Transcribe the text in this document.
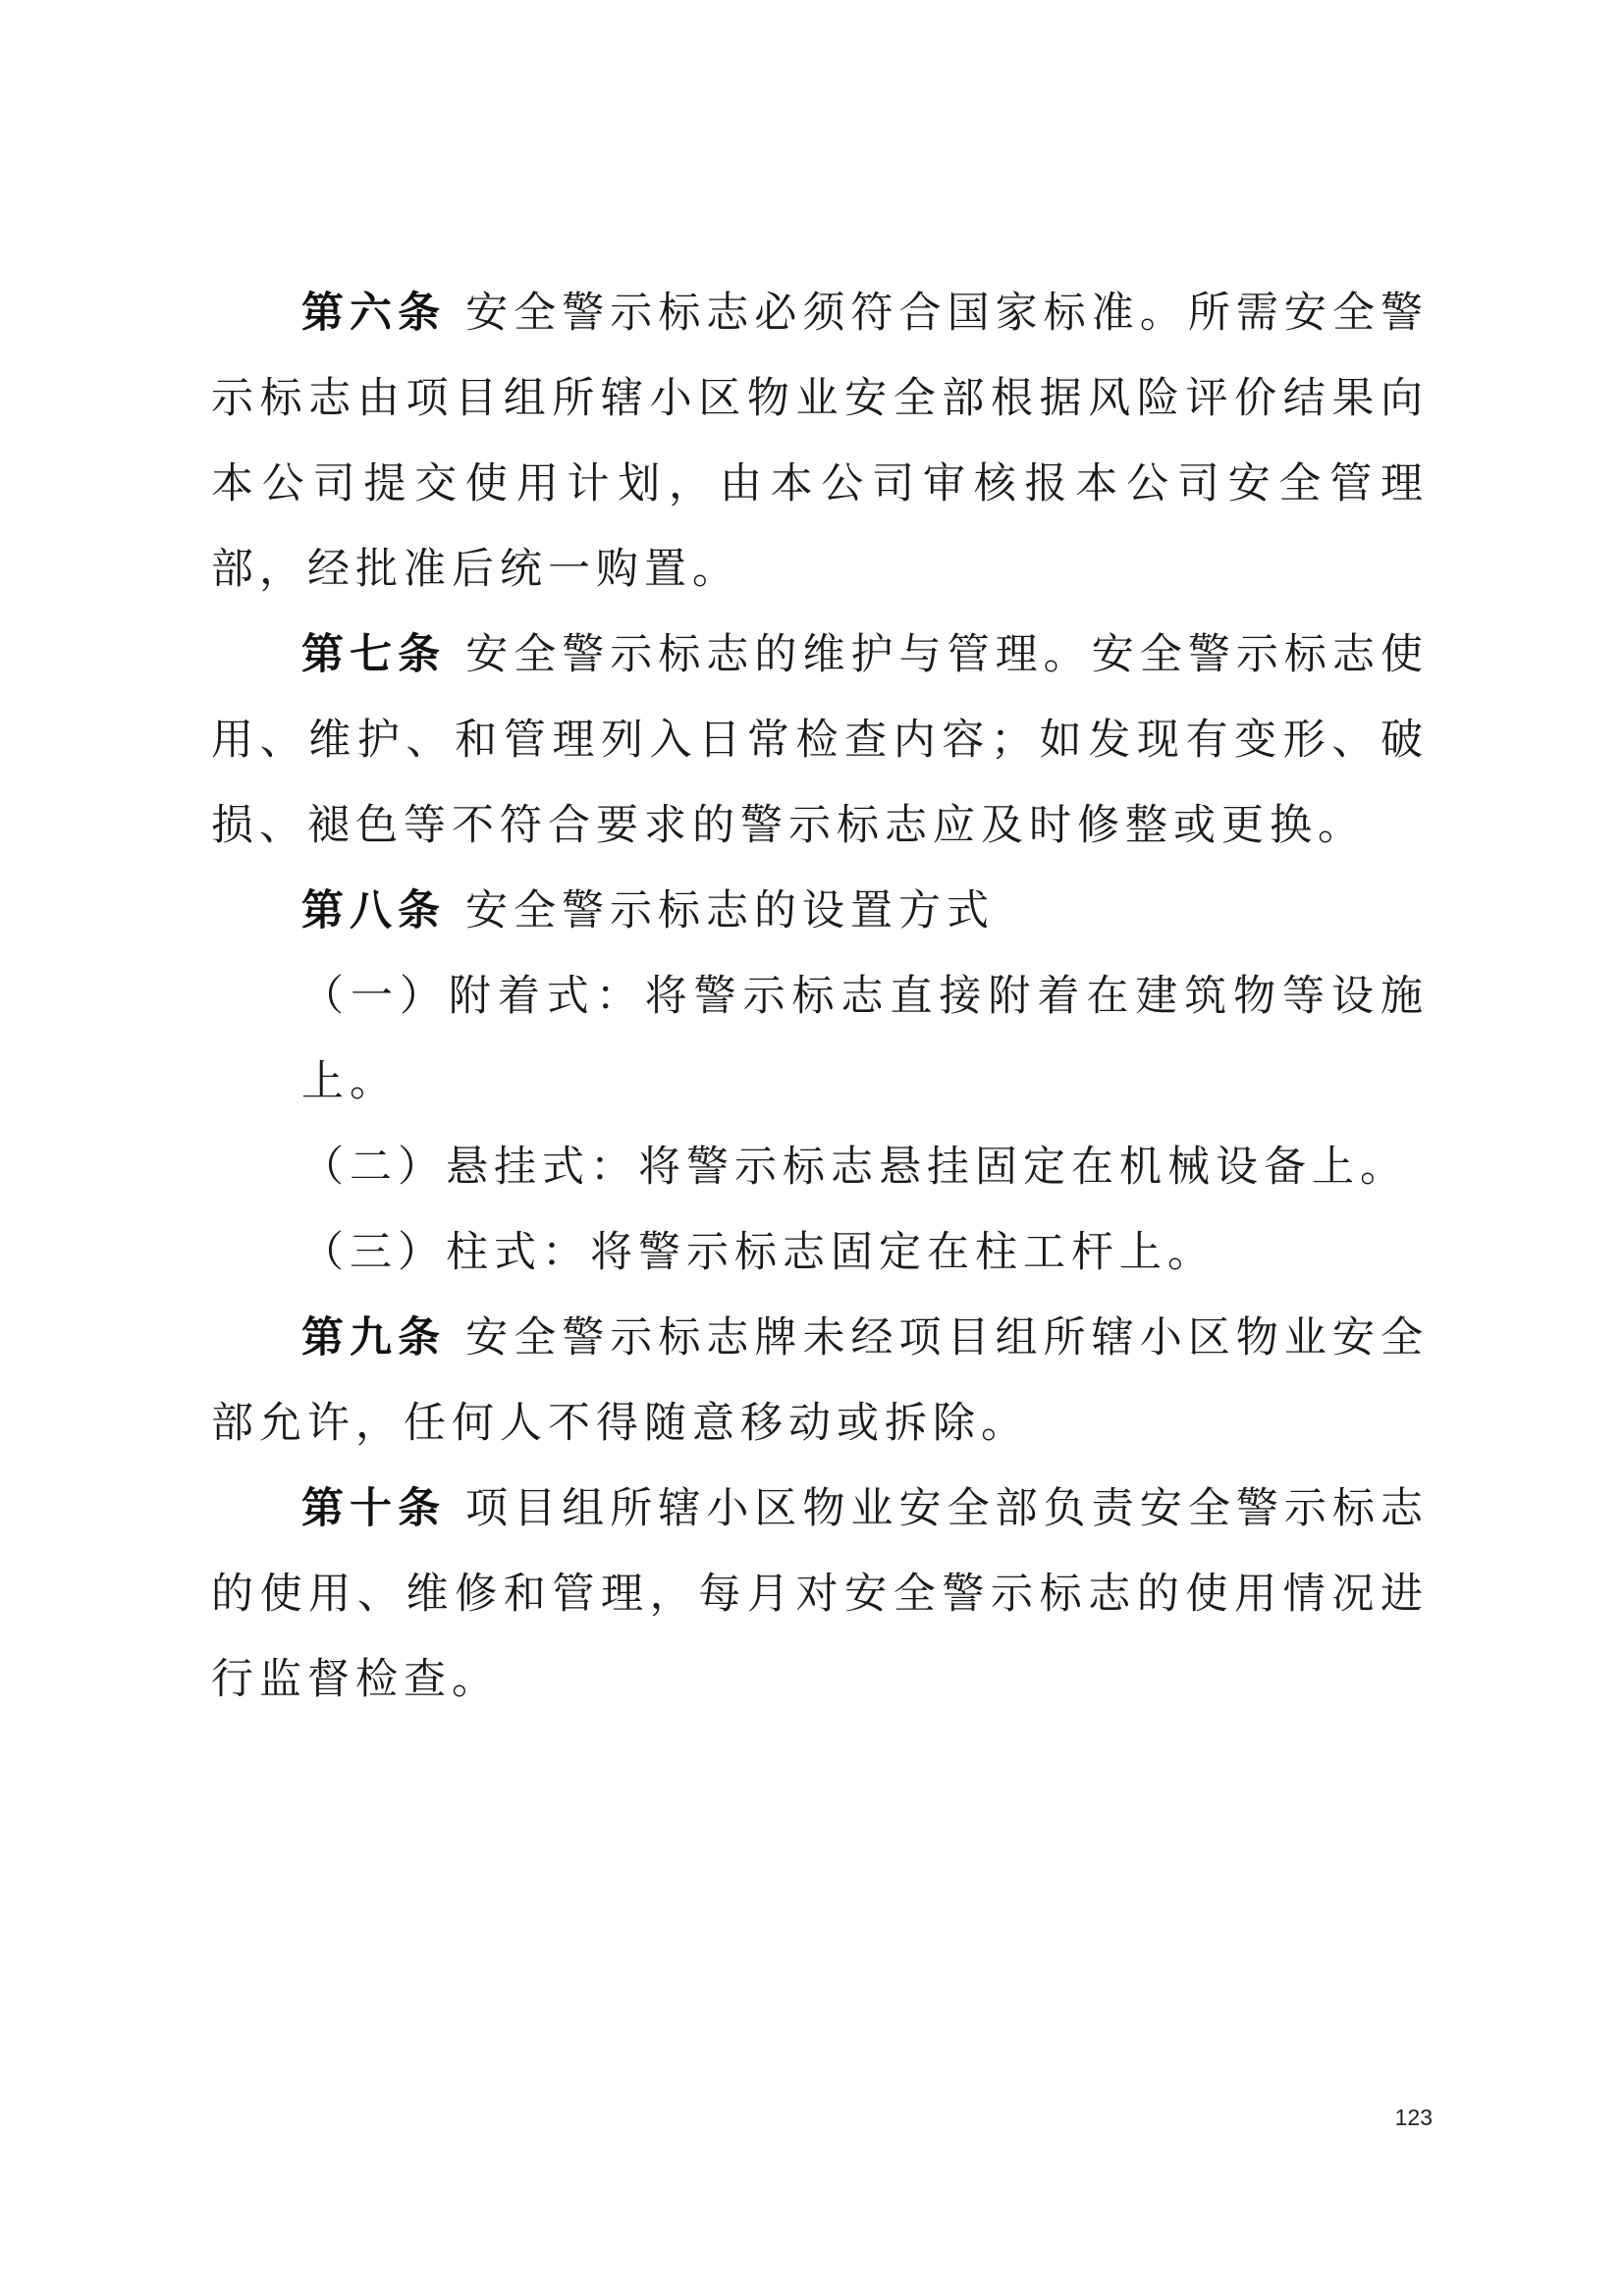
第六条 安全警示标志必须符合国家标准。所需安全警示标志由项目组所辖小区物业安全部根据风险评价结果向本公司提交使用计划，由本公司审核报本公司安全管理部，经批准后统一购置。

第七条 安全警示标志的维护与管理。安全警示标志使用、维护、和管理列入日常检查内容；如发现有变形、破损、褪色等不符合要求的警示标志应及时修整或更换。

第八条 安全警示标志的设置方式

（一）附着式：将警示标志直接附着在建筑物等设施上。

（二）悬挂式：将警示标志悬挂固定在机械设备上。

（三）柱式：将警示标志固定在柱工杆上。

第九条 安全警示标志牌未经项目组所辖小区物业安全部允许，任何人不得随意移动或拆除。

第十条 项目组所辖小区物业安全部负责安全警示标志的使用、维修和管理，每月对安全警示标志的使用情况进行监督检查。

123
